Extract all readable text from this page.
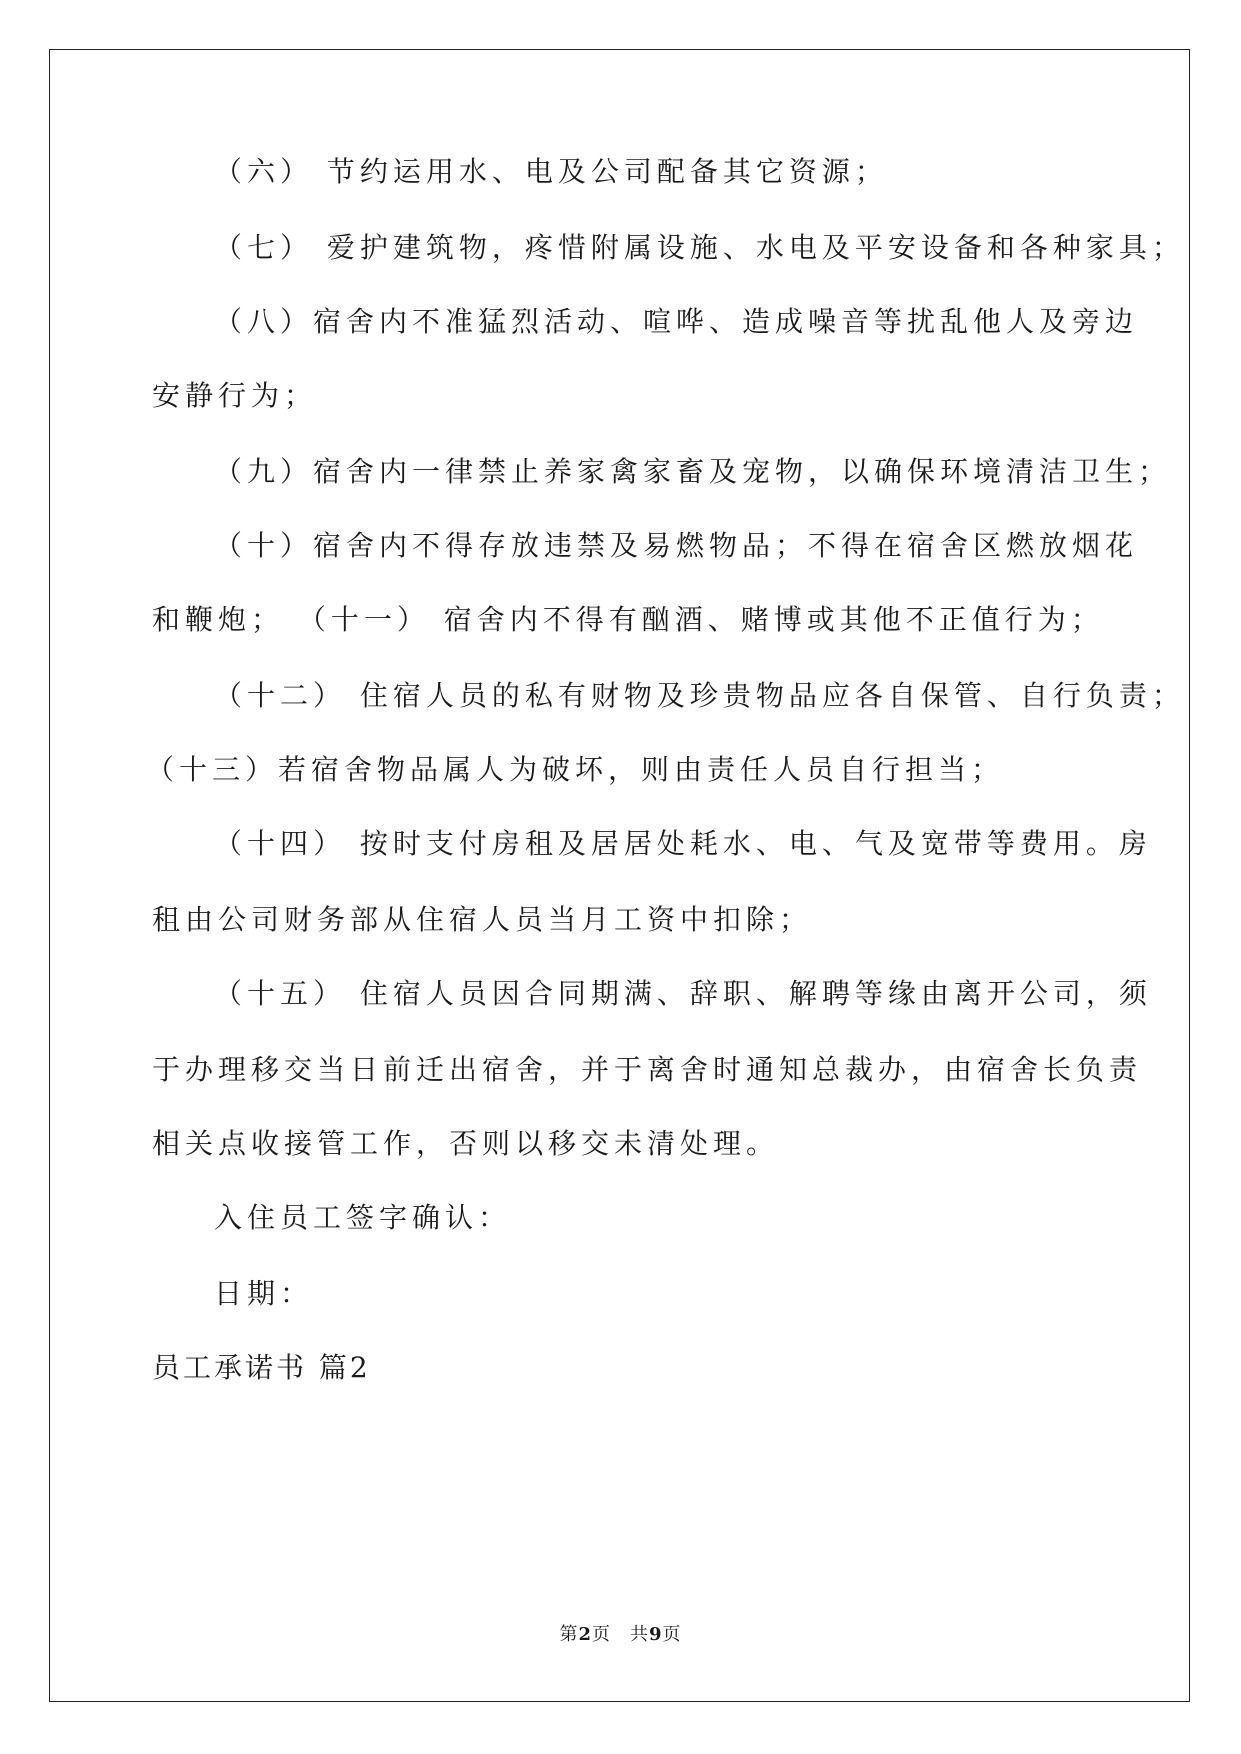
（六） 节约运用水、电及公司配备其它资源；
（七） 爱护建筑物，疼惜附属设施、水电及平安设备和各种家具；
（八）宿舍内不准猛烈活动、喧哗、造成噪音等扰乱他人及旁边
安静行为；
（九）宿舍内一律禁止养家禽家畜及宠物，以确保环境清洁卫生；
（十）宿舍内不得存放违禁及易燃物品；不得在宿舍区燃放烟花
和鞭炮； （十一） 宿舍内不得有酗酒、赌博或其他不正值行为；
（十二） 住宿人员的私有财物及珍贵物品应各自保管、自行负责；
（十三）若宿舍物品属人为破坏，则由责任人员自行担当；
（十四） 按时支付房租及居居处耗水、电、气及宽带等费用。房
租由公司财务部从住宿人员当月工资中扣除；
（十五） 住宿人员因合同期满、辞职、解聘等缘由离开公司，须
于办理移交当日前迁出宿舍，并于离舍时通知总裁办，由宿舍长负责
相关点收接管工作，否则以移交未清处理。
入住员工签字确认：
日期：
员工承诺书 篇2
第2页　共9页
